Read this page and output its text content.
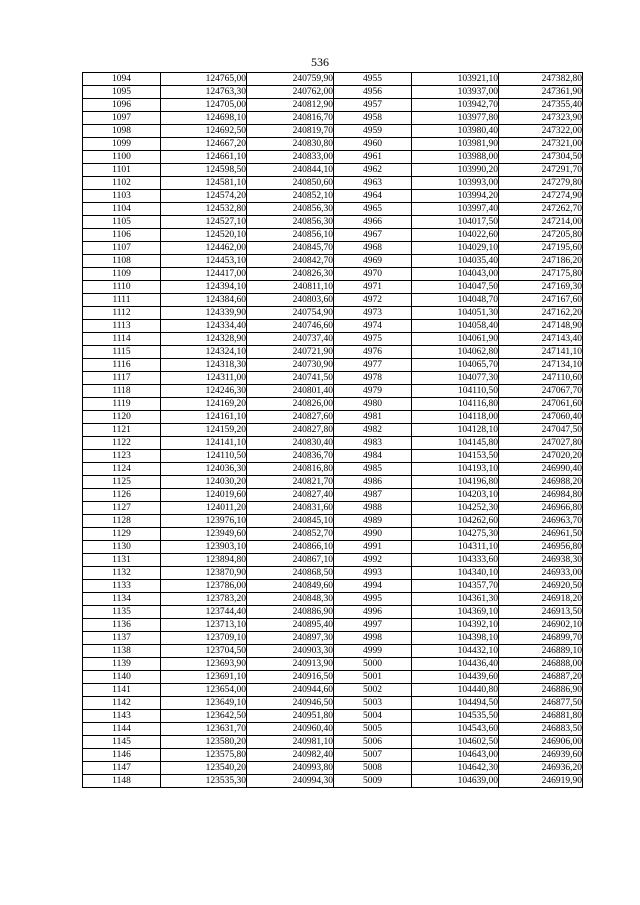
536
1094	124765,00	240759,90	4955	103921,10	247382,80
1095	124763,30	240762,00	4956	103937,00	247361,90
1096	124705,00	240812,90	4957	103942,70	247355,40
1097	124698,10	240816,70	4958	103977,80	247323,90
1098	124692,50	240819,70	4959	103980,40	247322,00
1099	124667,20	240830,80	4960	103981,90	247321,00
1100	124661,10	240833,00	4961	103988,00	247304,50
1101	124598,50	240844,10	4962	103990,20	247291,70
1102	124581,10	240850,60	4963	103993,00	247279,80
1103	124574,20	240852,10	4964	103994,20	247274,90
1104	124532,80	240856,30	4965	103997,40	247262,70
1105	124527,10	240856,30	4966	104017,50	247214,00
1106	124520,10	240856,10	4967	104022,60	247205,80
1107	124462,00	240845,70	4968	104029,10	247195,60
1108	124453,10	240842,70	4969	104035,40	247186,20
1109	124417,00	240826,30	4970	104043,00	247175,80
1110	124394,10	240811,10	4971	104047,50	247169,30
1111	124384,60	240803,60	4972	104048,70	247167,60
1112	124339,90	240754,90	4973	104051,30	247162,20
1113	124334,40	240746,60	4974	104058,40	247148,90
1114	124328,90	240737,40	4975	104061,90	247143,40
1115	124324,10	240721,90	4976	104062,80	247141,10
1116	124318,30	240730,90	4977	104065,70	247134,10
1117	124311,00	240741,50	4978	104077,30	247110,60
1118	124246,30	240801,40	4979	104110,50	247067,70
1119	124169,20	240826,00	4980	104116,80	247061,60
1120	124161,10	240827,60	4981	104118,00	247060,40
1121	124159,20	240827,80	4982	104128,10	247047,50
1122	124141,10	240830,40	4983	104145,80	247027,80
1123	124110,50	240836,70	4984	104153,50	247020,20
1124	124036,30	240816,80	4985	104193,10	246990,40
1125	124030,20	240821,70	4986	104196,80	246988,20
1126	124019,60	240827,40	4987	104203,10	246984,80
1127	124011,20	240831,60	4988	104252,30	246966,80
1128	123976,10	240845,10	4989	104262,60	246963,70
1129	123949,60	240852,70	4990	104275,30	246961,50
1130	123903,10	240866,10	4991	104311,10	246956,80
1131	123894,80	240867,10	4992	104333,60	246938,30
1132	123870,90	240868,50	4993	104340,10	246933,00
1133	123786,00	240849,60	4994	104357,70	246920,50
1134	123783,20	240848,30	4995	104361,30	246918,20
1135	123744,40	240886,90	4996	104369,10	246913,50
1136	123713,10	240895,40	4997	104392,10	246902,10
1137	123709,10	240897,30	4998	104398,10	246899,70
1138	123704,50	240903,30	4999	104432,10	246889,10
1139	123693,90	240913,90	5000	104436,40	246888,00
1140	123691,10	240916,50	5001	104439,60	246887,20
1141	123654,00	240944,60	5002	104440,80	246886,90
1142	123649,10	240946,50	5003	104494,50	246877,50
1143	123642,50	240951,80	5004	104535,50	246881,80
1144	123631,70	240960,40	5005	104543,60	246883,50
1145	123580,20	240981,10	5006	104602,50	246906,00
1146	123575,80	240982,40	5007	104643,00	246939,60
1147	123540,20	240993,80	5008	104642,30	246936,20
1148	123535,30	240994,30	5009	104639,00	246919,90
